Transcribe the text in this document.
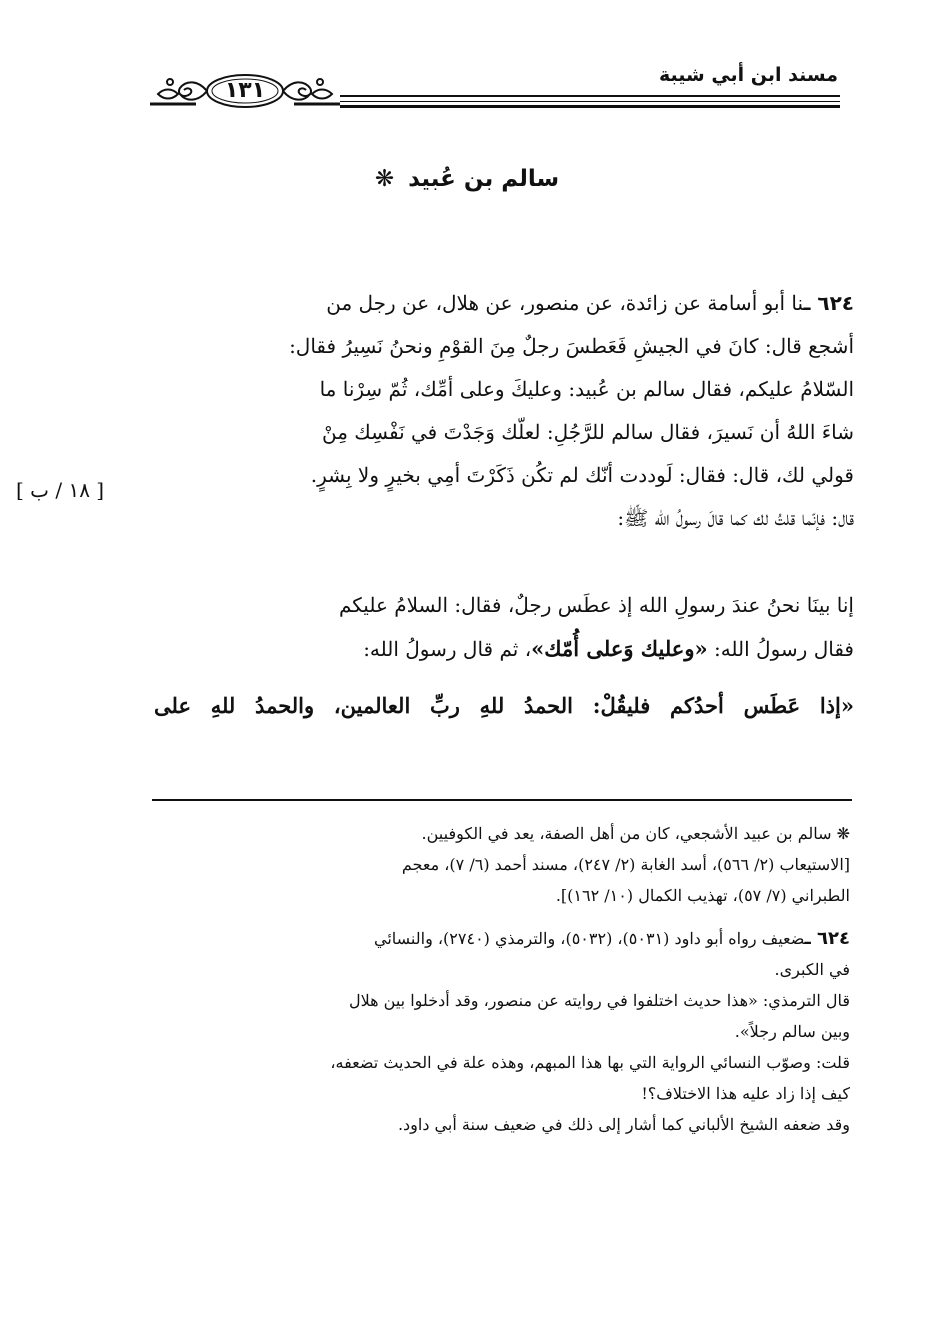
مسند ابن أبي شيبة
١٣١
سالم بن عُبيد ❋
[ ١٨ / ب ]

٦٢٤ ـنا أبو أسامة عن زائدة، عن منصور، عن هلال، عن رجل من

أشجع قال: كانَ في الجيشِ فَعَطسَ رجلٌ مِنَ القوْمِ ونحنُ نَسِيرُ فقال:

السّلامُ عليكم، فقال سالم بن عُبيد: وعليكَ وعلى أمِّك، ثُمّ سِرْنا ما

شاءَ اللهُ أن نَسيرَ، فقال سالم للرَّجُلِ: لعلّك وَجَدْتَ في نَفْسِك مِنْ

قولي لك، قال: فقال: لَوددت أنّك لم تكُن ذَكَرْتَ أمِي بخيرٍ ولا بِشرٍ.

قال: فإنّما قلتُ لك كما قالَ رسولُ الله ﷺ:

إنا بينَا نحنُ عندَ رسولِ الله إذ عطَس رجلٌ، فقال: السلامُ عليكم

فقال رسولُ الله: «وعليك وَعلى أُمّك»، ثم قال رسولُ الله:

«إذا عَطَس أحدُكم فليقُلْ: الحمدُ للهِ ربِّ العالمين، والحمدُ للهِ على

❋ سالم بن عبيد الأشجعي، كان من أهل الصفة، يعد في الكوفيين.

[الاستيعاب (٢/ ٥٦٦)، أسد الغابة (٢/ ٢٤٧)، مسند أحمد (٦/ ٧)، معجم

الطبراني (٧/ ٥٧)، تهذيب الكمال (١٠/ ١٦٢)].

٦٢٤ ـضعيف رواه أبو داود (٥٠٣١)، (٥٠٣٢)، والترمذي (٢٧٤٠)، والنسائي

في الكبرى.

قال الترمذي: «هذا حديث اختلفوا في روايته عن منصور، وقد أدخلوا بين هلال

وبين سالم رجلاً».

قلت: وصوّب النسائي الرواية التي بها هذا المبهم، وهذه علة في الحديث تضعفه،

كيف إذا زاد عليه هذا الاختلاف؟!

وقد ضعفه الشيخ الألباني كما أشار إلى ذلك في ضعيف سنة أبي داود.
